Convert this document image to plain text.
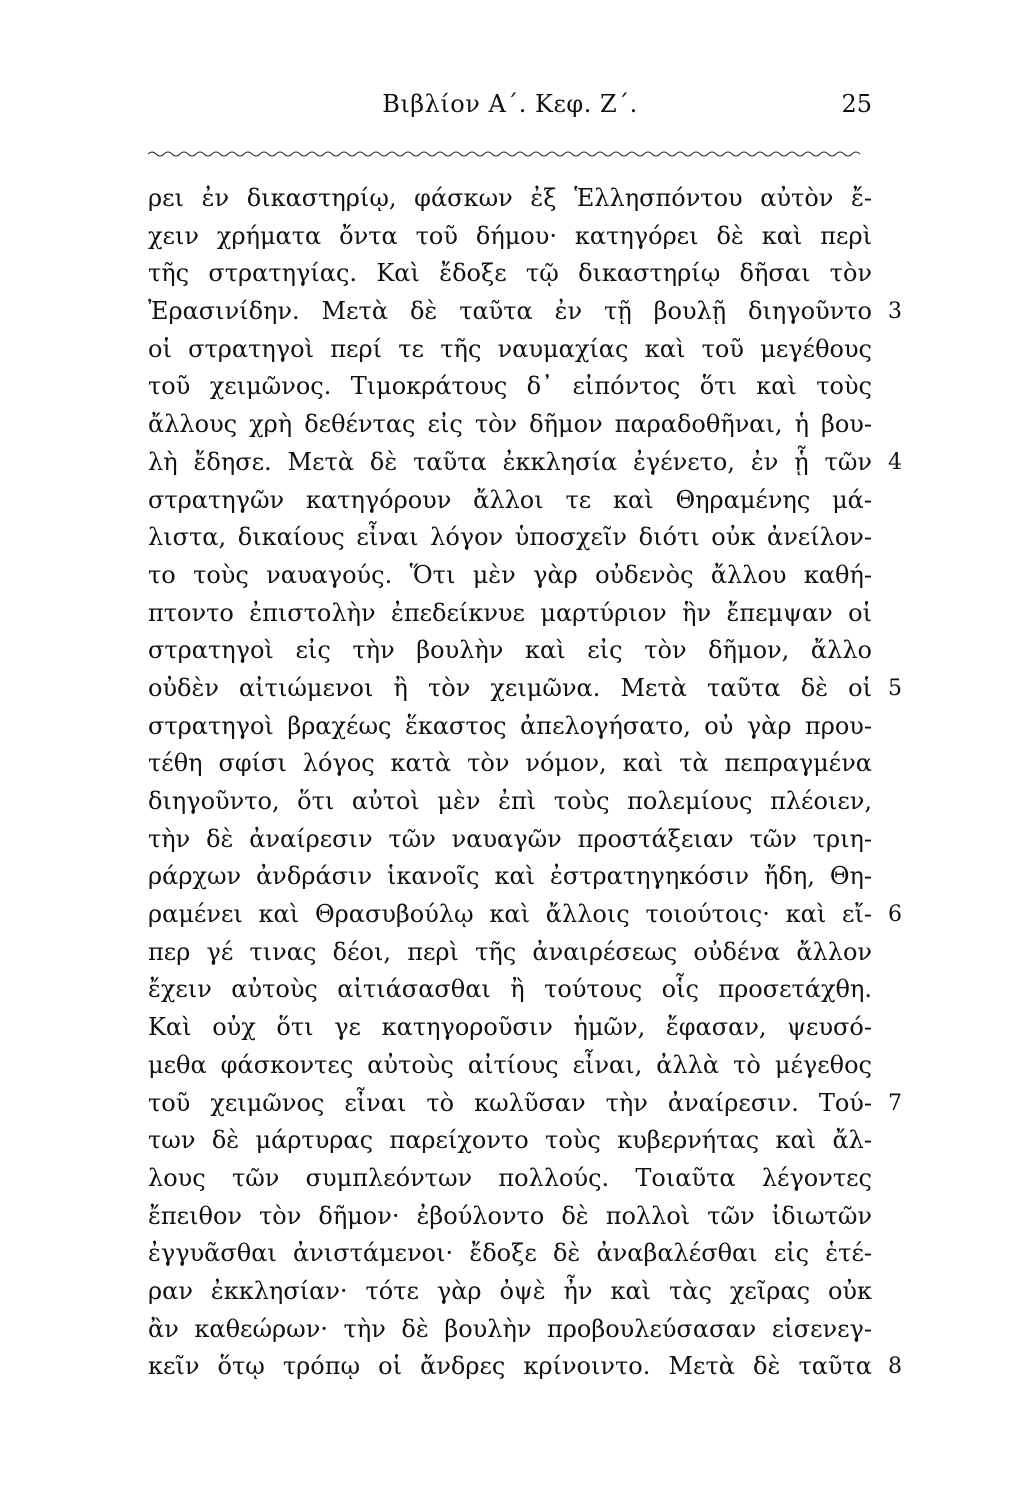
Βιβλίον Α΄. Κεφ. Ζ΄.	25
ρει ἐν δικαστηρίῳ, φάσκων ἐξ Ἑλλησπόντου αὐτὸν ἔ-
χειν χρήματα ὄντα τοῦ δήμου· κατηγόρει δὲ καὶ περὶ
τῆς στρατηγίας. Καὶ ἔδοξε τῷ δικαστηρίῳ δῆσαι τὸν
Ἐρασινίδην. Μετὰ δὲ ταῦτα ἐν τῇ βουλῇ διηγοῦντο 3
οἱ στρατηγοὶ περί τε τῆς ναυμαχίας καὶ τοῦ μεγέθους
τοῦ χειμῶνος. Τιμοκράτους δ᾽ εἰπόντος ὅτι καὶ τοὺς
ἄλλους χρὴ δεθέντας εἰς τὸν δῆμον παραδοθῆναι, ἡ βου-
λὴ ἔδησε. Μετὰ δὲ ταῦτα ἐκκλησία ἐγένετο, ἐν ᾗ τῶν 4
στρατηγῶν κατηγόρουν ἄλλοι τε καὶ Θηραμένης μά-
λιστα, δικαίους εἶναι λόγον ὑποσχεῖν διότι οὐκ ἀνείλον-
το τοὺς ναυαγούς. Ὅτι μὲν γὰρ οὐδενὸς ἄλλου καθή-
πτοντο ἐπιστολὴν ἐπεδείκνυε μαρτύριον ἣν ἔπεμψαν οἱ
στρατηγοὶ εἰς τὴν βουλὴν καὶ εἰς τὸν δῆμον, ἄλλο
οὐδὲν αἰτιώμενοι ἢ τὸν χειμῶνα. Μετὰ ταῦτα δὲ οἱ 5
στρατηγοὶ βραχέως ἕκαστος ἀπελογήσατο, οὐ γὰρ πρου-
τέθη σφίσι λόγος κατὰ τὸν νόμον, καὶ τὰ πεπραγμένα
διηγοῦντο, ὅτι αὐτοὶ μὲν ἐπὶ τοὺς πολεμίους πλέοιεν,
τὴν δὲ ἀναίρεσιν τῶν ναυαγῶν προστάξειαν τῶν τριη-
ράρχων ἀνδράσιν ἱκανοῖς καὶ ἐστρατηγηκόσιν ἤδη, Θη-
ραμένει καὶ Θρασυβούλῳ καὶ ἄλλοις τοιούτοις· καὶ εἴ- 6
περ γέ τινας δέοι, περὶ τῆς ἀναιρέσεως οὐδένα ἄλλον
ἔχειν αὐτοὺς αἰτιάσασθαι ἢ τούτους οἷς προσετάχθη.
Καὶ οὐχ ὅτι γε κατηγοροῦσιν ἡμῶν, ἔφασαν, ψευσό-
μεθα φάσκοντες αὐτοὺς αἰτίους εἶναι, ἀλλὰ τὸ μέγεθος
τοῦ χειμῶνος εἶναι τὸ κωλῦσαν τὴν ἀναίρεσιν. Τού- 7
των δὲ μάρτυρας παρείχοντο τοὺς κυβερνήτας καὶ ἄλ-
λους τῶν συμπλεόντων πολλούς. Τοιαῦτα λέγοντες
ἔπειθον τὸν δῆμον· ἐβούλοντο δὲ πολλοὶ τῶν ἰδιωτῶν
ἐγγυᾶσθαι ἀνιστάμενοι· ἔδοξε δὲ ἀναβαλέσθαι εἰς ἑτέ-
ραν ἐκκλησίαν· τότε γὰρ ὀψὲ ἦν καὶ τὰς χεῖρας οὐκ
ἂν καθεώρων· τὴν δὲ βουλὴν προβουλεύσασαν εἰσενεγ-
κεῖν ὅτῳ τρόπῳ οἱ ἄνδρες κρίνοιντο. Μετὰ δὲ ταῦτα 8
